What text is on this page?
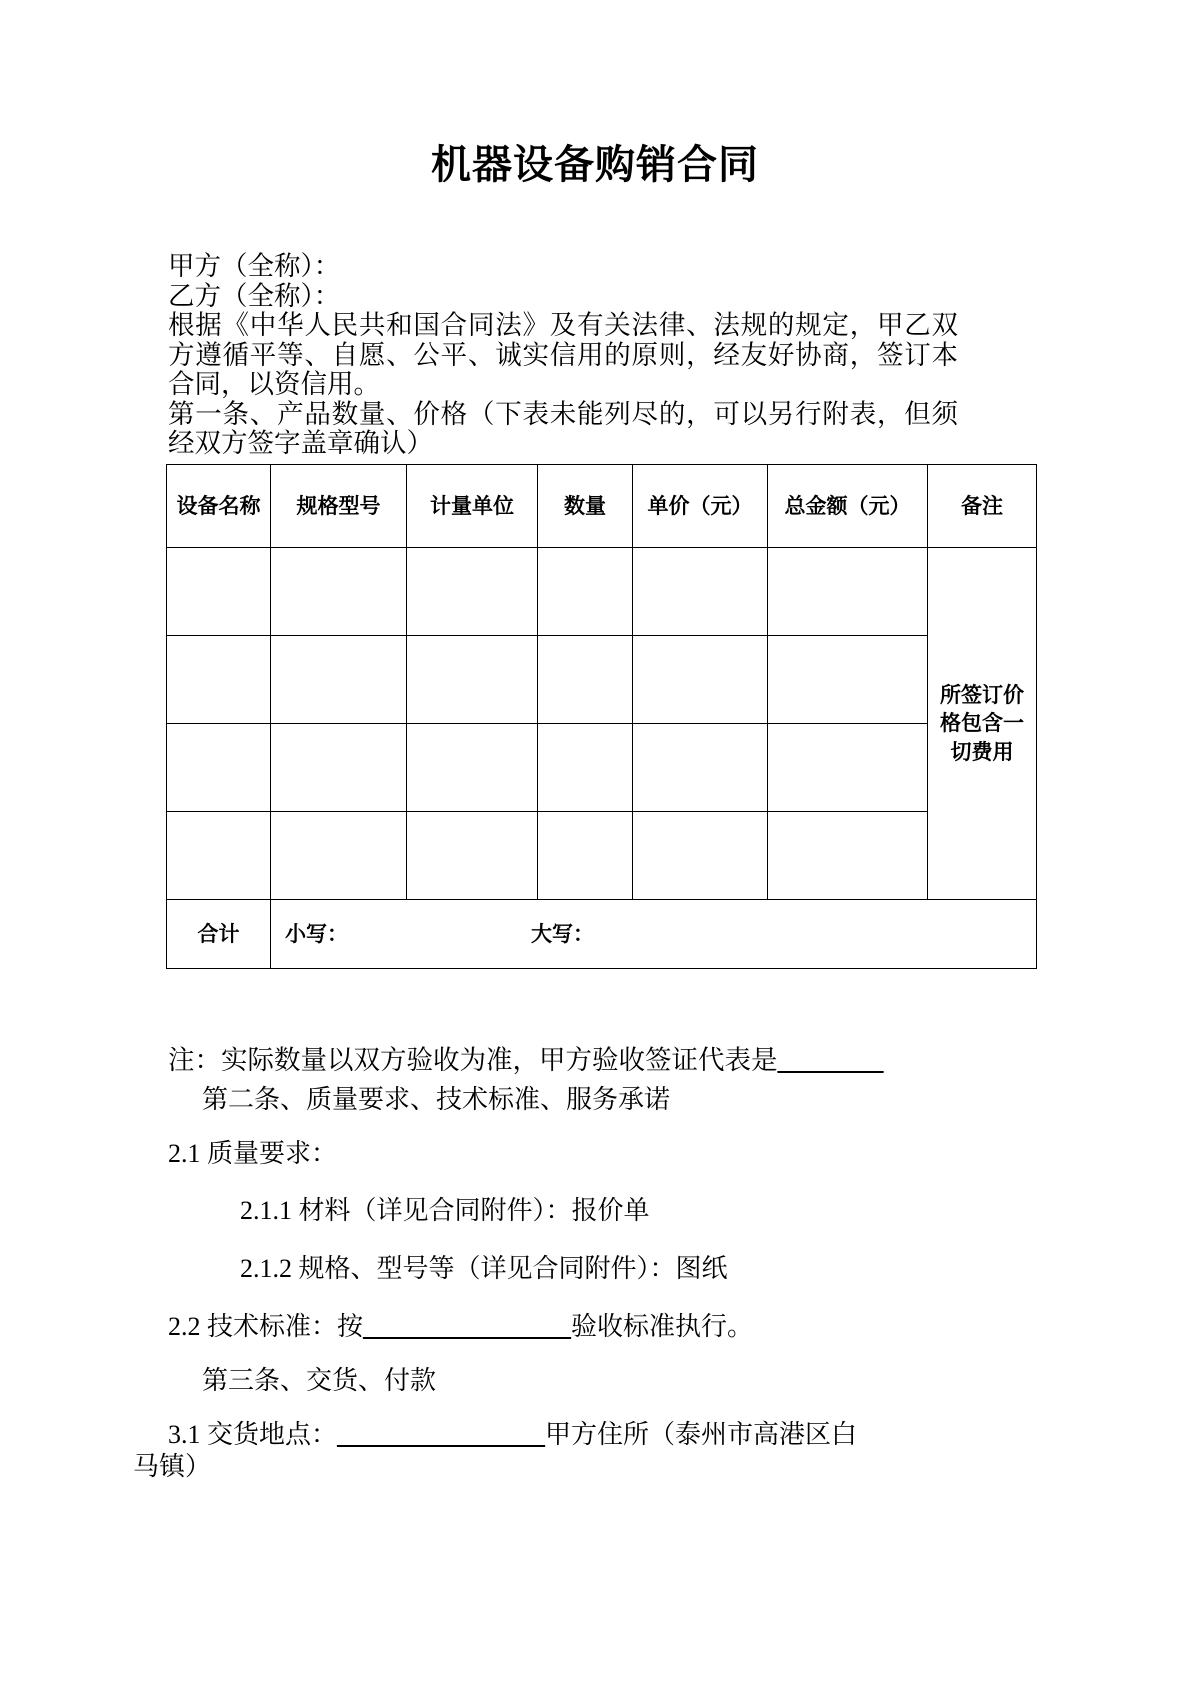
机器设备购销合同

甲方（全称）：

乙方（全称）：

根据《中华人民共和国合同法》及有关法律、法规的规定，甲乙双方遵循平等、自愿、公平、诚实信用的原则，经友好协商，签订本合同，以资信用。

第一条、产品数量、价格（下表未能列尽的，可以另行附表，但须经双方签字盖章确认）

设备名称	规格型号	计量单位	数量	单价（元）	总金额（元）	备注
						所签订价格包含一切费用

合计	小写： 大写：					

注：实际数量以双方验收为准，甲方验收签证代表是________

第二条、质量要求、技术标准、服务承诺

2.1 质量要求：

2.1.1 材料（详见合同附件）：报价单

2.1.2 规格、型号等（详见合同附件）：图纸

2.2 技术标准：按________________验收标准执行。

第三条、交货、付款

3.1 交货地点：________________甲方住所（泰州市高港区白
马镇）
